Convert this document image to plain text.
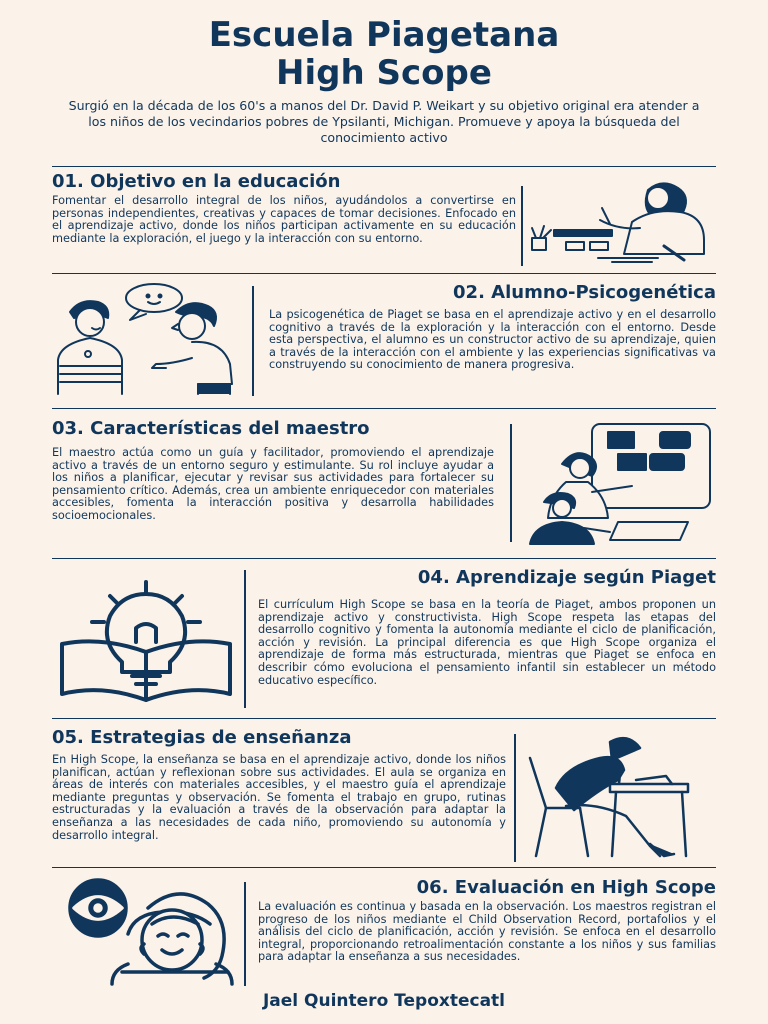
Escuela Piagetana
High Scope

Surgió en la década de los 60's a manos del Dr. David P. Weikart y su objetivo original era atender a los niños de los vecindarios pobres de Ypsilanti, Michigan. Promueve y apoya la búsqueda del conocimiento activo

01. Objetivo en la educación

Fomentar el desarrollo integral de los niños, ayudándolos a convertirse en personas independientes, creativas y capaces de tomar decisiones. Enfocado en el aprendizaje activo, donde los niños participan activamente en su educación mediante la exploración, el juego y la interacción con su entorno.

02. Alumno-Psicogenética

La psicogenética de Piaget se basa en el aprendizaje activo y en el desarrollo cognitivo a través de la exploración y la interacción con el entorno. Desde esta perspectiva, el alumno es un constructor activo de su aprendizaje, quien a través de la interacción con el ambiente y las experiencias significativas va construyendo su conocimiento de manera progresiva.

03. Características del maestro

El maestro actúa como un guía y facilitador, promoviendo el aprendizaje activo a través de un entorno seguro y estimulante. Su rol incluye ayudar a los niños a planificar, ejecutar y revisar sus actividades para fortalecer su pensamiento crítico. Además, crea un ambiente enriquecedor con materiales accesibles, fomenta la interacción positiva y desarrolla habilidades socioemocionales.

04. Aprendizaje según Piaget

El currículum High Scope se basa en la teoría de Piaget, ambos proponen un aprendizaje activo y constructivista. High Scope respeta las etapas del desarrollo cognitivo y fomenta la autonomía mediante el ciclo de planificación, acción y revisión. La principal diferencia es que High Scope organiza el aprendizaje de forma más estructurada, mientras que Piaget se enfoca en describir cómo evoluciona el pensamiento infantil sin establecer un método educativo específico.

05. Estrategias de enseñanza

En High Scope, la enseñanza se basa en el aprendizaje activo, donde los niños planifican, actúan y reflexionan sobre sus actividades. El aula se organiza en áreas de interés con materiales accesibles, y el maestro guía el aprendizaje mediante preguntas y observación. Se fomenta el trabajo en grupo, rutinas estructuradas y la evaluación a través de la observación para adaptar la enseñanza a las necesidades de cada niño, promoviendo su autonomía y desarrollo integral.

06. Evaluación en High Scope

La evaluación es continua y basada en la observación. Los maestros registran el progreso de los niños mediante el Child Observation Record, portafolios y el análisis del ciclo de planificación, acción y revisión. Se enfoca en el desarrollo integral, proporcionando retroalimentación constante a los niños y sus familias para adaptar la enseñanza a sus necesidades.

Jael Quintero Tepoxtecatl
